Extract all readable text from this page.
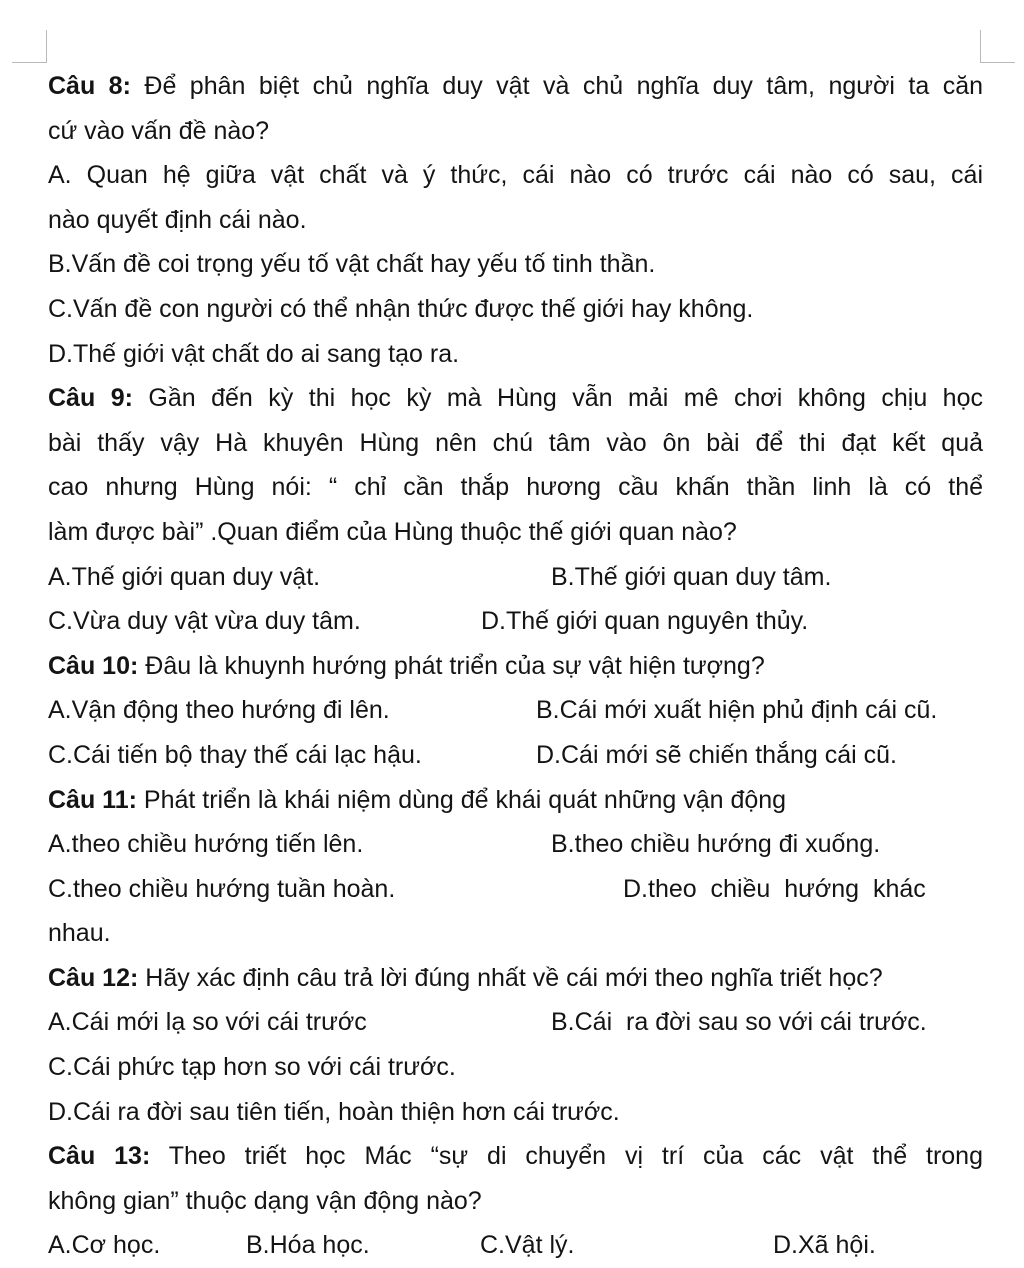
Câu 8: Để phân biệt chủ nghĩa duy vật và chủ nghĩa duy tâm, người ta căn
cứ vào vấn đề nào?
A. Quan hệ giữa vật chất và ý thức, cái nào có trước cái nào có sau, cái
nào quyết định cái nào.
B.Vấn đề coi trọng yếu tố vật chất hay yếu tố tinh thần.
C.Vấn đề con người có thể nhận thức được thế giới hay không.
D.Thế giới vật chất do ai sang tạo ra.
Câu 9: Gần đến kỳ thi học kỳ mà Hùng vẫn mải mê chơi không chịu học
bài thấy vậy Hà khuyên Hùng nên chú tâm vào ôn bài để thi đạt kết quả
cao nhưng Hùng nói: “ chỉ cần thắp hương cầu khấn thần linh là có thể
làm được bài” .Quan điểm của Hùng thuộc thế giới quan nào?
A.Thế giới quan duy vật.	B.Thế giới quan duy tâm.
C.Vừa duy vật vừa duy tâm.	D.Thế giới quan nguyên thủy.
Câu 10: Đâu là khuynh hướng phát triển của sự vật hiện tượng?
A.Vận động theo hướng đi lên.	B.Cái mới xuất hiện phủ định cái cũ.
C.Cái tiến bộ thay thế cái lạc hậu.	D.Cái mới sẽ chiến thắng cái cũ.
Câu 11: Phát triển là khái niệm dùng để khái quát những vận động
A.theo chiều hướng tiến lên.	B.theo chiều hướng đi xuống.
C.theo chiều hướng tuần hoàn.	D.theo  chiều  hướng  khác
nhau.
Câu 12: Hãy xác định câu trả lời đúng nhất về cái mới theo nghĩa triết học?
A.Cái mới lạ so với cái trước	B.Cái  ra đời sau so với cái trước.
C.Cái phức tạp hơn so với cái trước.
D.Cái ra đời sau tiên tiến, hoàn thiện hơn cái trước.
Câu 13: Theo triết học Mác “sự di chuyển vị trí của các vật thể trong
không gian” thuộc dạng vận động nào?
A.Cơ học.	B.Hóa học.	C.Vật lý.	D.Xã hội.
